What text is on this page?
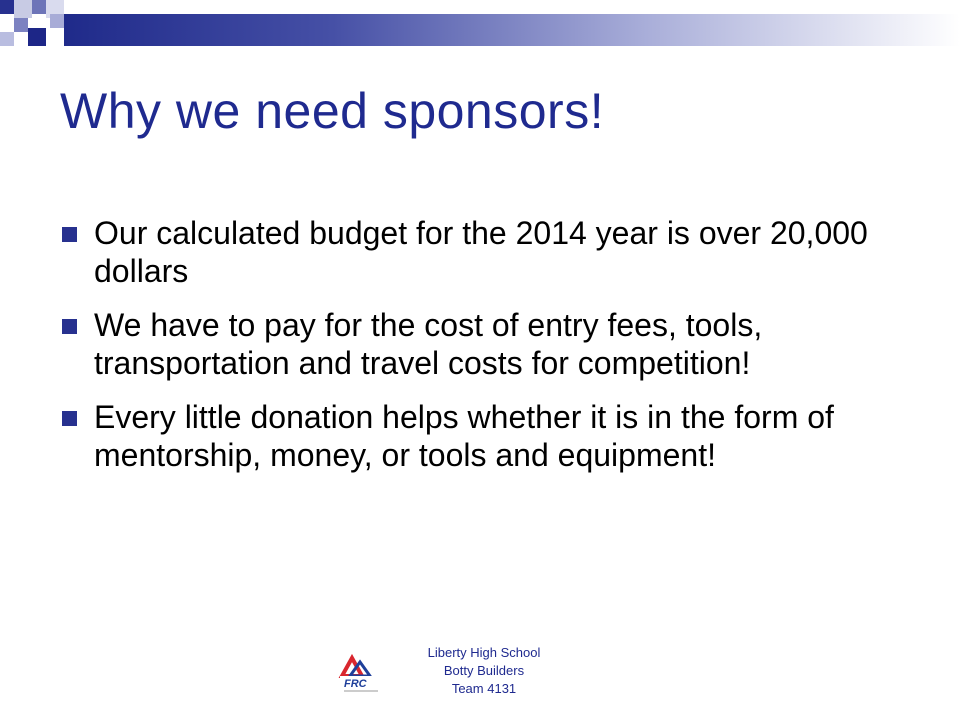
Why we need sponsors!
Our calculated budget for the 2014 year is over 20,000 dollars
We have to pay for the cost of entry fees, tools, transportation and travel costs for competition!
Every little donation helps whether it is in the form of mentorship, money, or tools and equipment!
FRC
Liberty High School
Botty Builders
Team 4131
